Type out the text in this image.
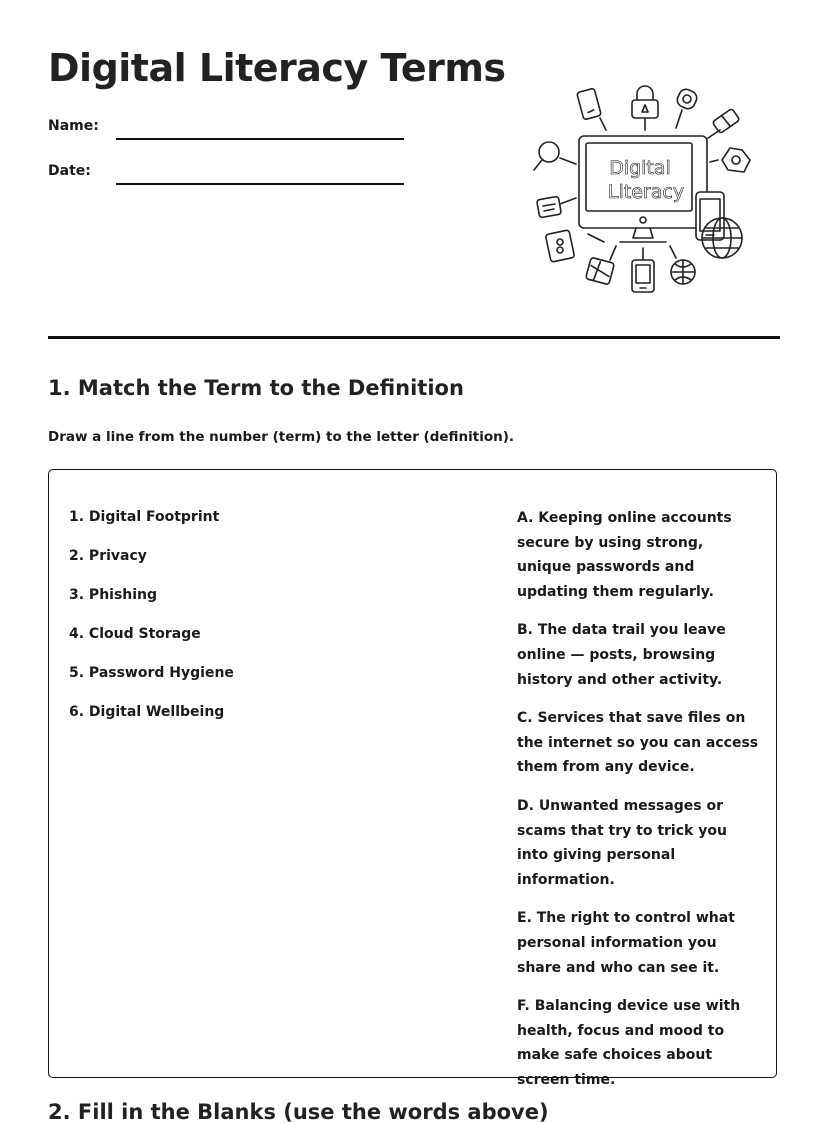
Digital Literacy Terms
Name:
Date:	Digital
Literacy
1. Match the Term to the Definition

Draw a line from the number (term) to the letter (definition).

1. Digital Footprint
2. Privacy
3. Phishing
4. Cloud Storage
5. Password Hygiene
6. Digital Wellbeing
A. Keeping online accounts secure by using strong, unique passwords and updating them regularly.
B. The data trail you leave online — posts, browsing history and other activity.
C. Services that save files on the internet so you can access them from any device.
D. Unwanted messages or scams that try to trick you into giving personal information.
E. The right to control what personal information you share and who can see it.
F. Balancing device use with health, focus and mood to make safe choices about screen time.
2. Fill in the Blanks (use the words above)
